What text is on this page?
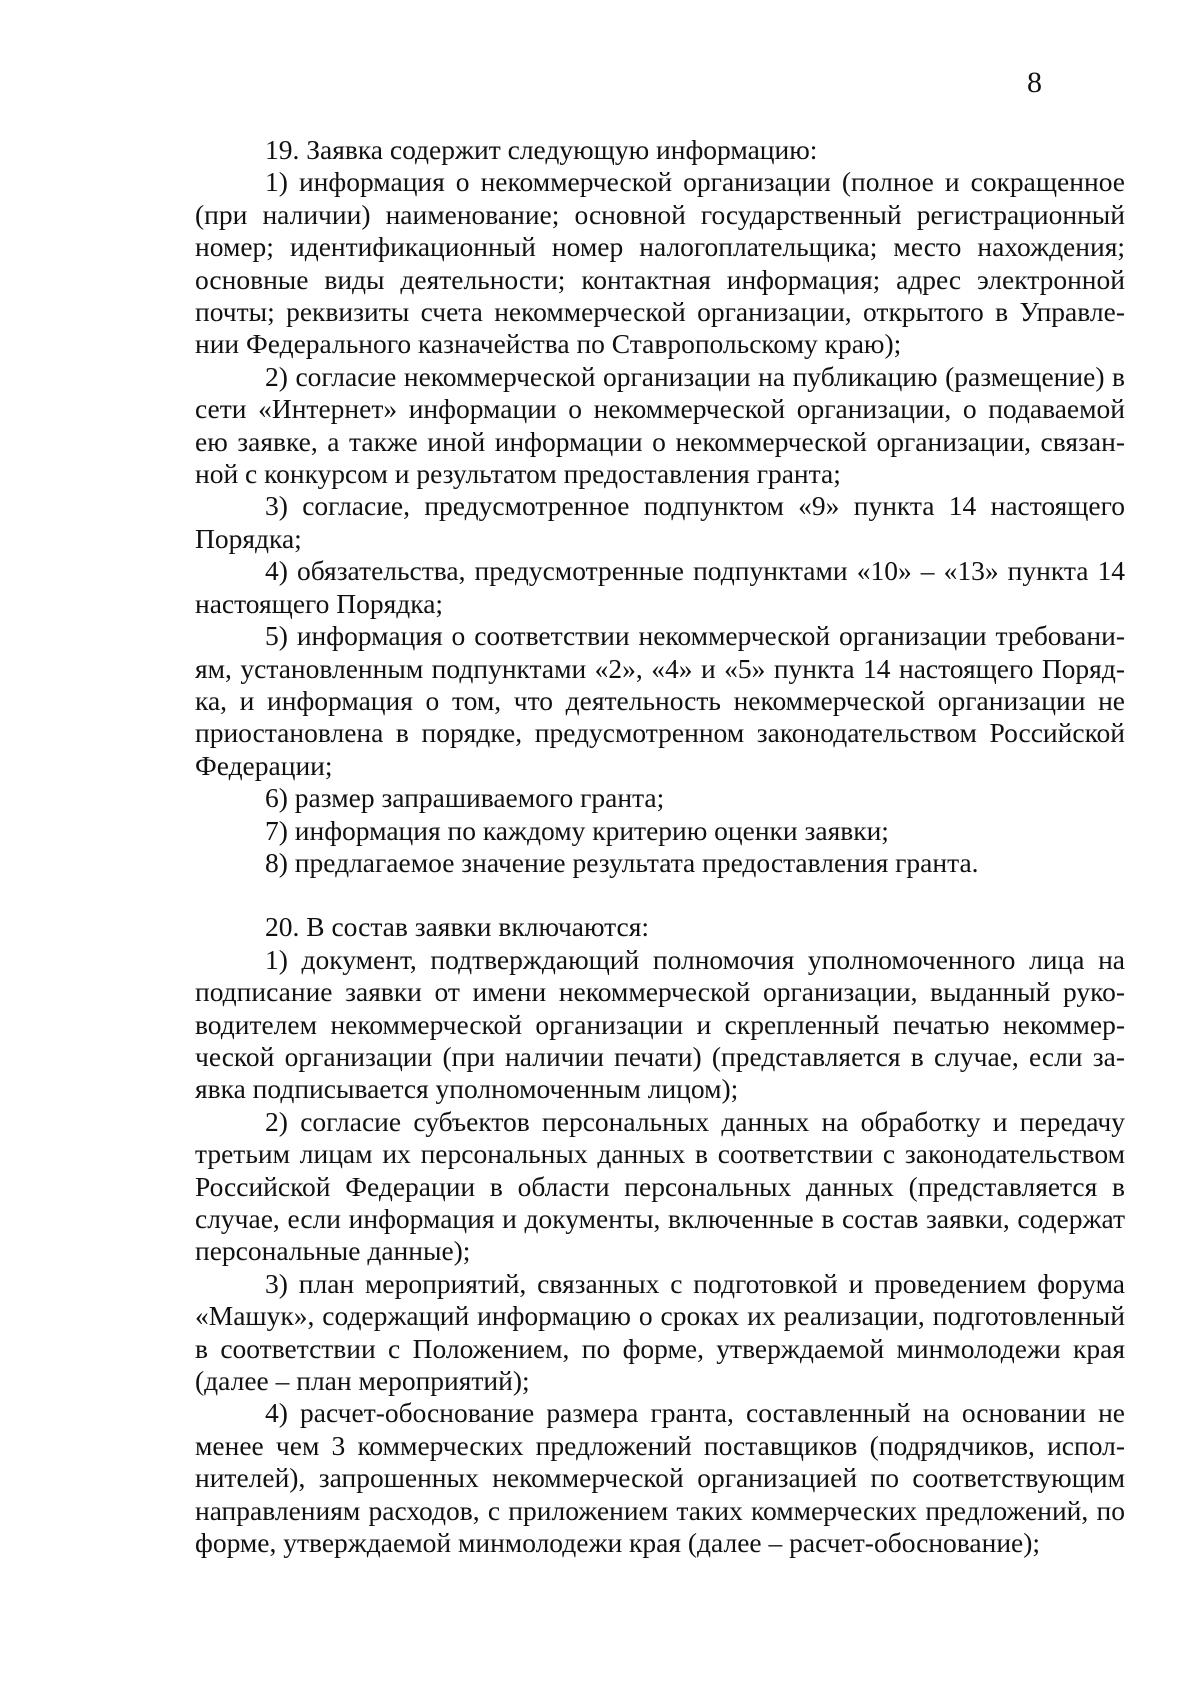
8

19. Заявка содержит следующую информацию:

1) информация о некоммерческой организации (полное и сокращенное (при наличии) наименование; основной государственный регистрационный номер; идентификационный номер налогоплательщика; место нахождения; основные виды деятельности; контактная информация; адрес электронной почты; реквизиты счета некоммерческой организации, открытого в Управлении Федерального казначейства по Ставропольскому краю);

2) согласие некоммерческой организации на публикацию (размещение) в сети «Интернет» информации о некоммерческой организации, о подаваемой ею заявке, а также иной информации о некоммерческой организации, связанной с конкурсом и результатом предоставления гранта;

3) согласие, предусмотренное подпунктом «9» пункта 14 настоящего Порядка;

4) обязательства, предусмотренные подпунктами «10» – «13» пункта 14 настоящего Порядка;

5) информация о соответствии некоммерческой организации требованиям, установленным подпунктами «2», «4» и «5» пункта 14 настоящего Порядка, и информация о том, что деятельность некоммерческой организации не приостановлена в порядке, предусмотренном законодательством Российской Федерации;

6) размер запрашиваемого гранта;

7) информация по каждому критерию оценки заявки;

8) предлагаемое значение результата предоставления гранта.

20. В состав заявки включаются:

1) документ, подтверждающий полномочия уполномоченного лица на подписание заявки от имени некоммерческой организации, выданный руководителем некоммерческой организации и скрепленный печатью некоммерческой организации (при наличии печати) (представляется в случае, если заявка подписывается уполномоченным лицом);

2) согласие субъектов персональных данных на обработку и передачу третьим лицам их персональных данных в соответствии с законодательством Российской Федерации в области персональных данных (представляется в случае, если информация и документы, включенные в состав заявки, содержат персональные данные);

3) план мероприятий, связанных с подготовкой и проведением форума «Машук», содержащий информацию о сроках их реализации, подготовленный в соответствии с Положением, по форме, утверждаемой минмолодежи края (далее – план мероприятий);

4) расчет-обоснование размера гранта, составленный на основании не менее чем 3 коммерческих предложений поставщиков (подрядчиков, исполнителей), запрошенных некоммерческой организацией по соответствующим направлениям расходов, с приложением таких коммерческих предложений, по форме, утверждаемой минмолодежи края (далее – расчет-обоснование);
